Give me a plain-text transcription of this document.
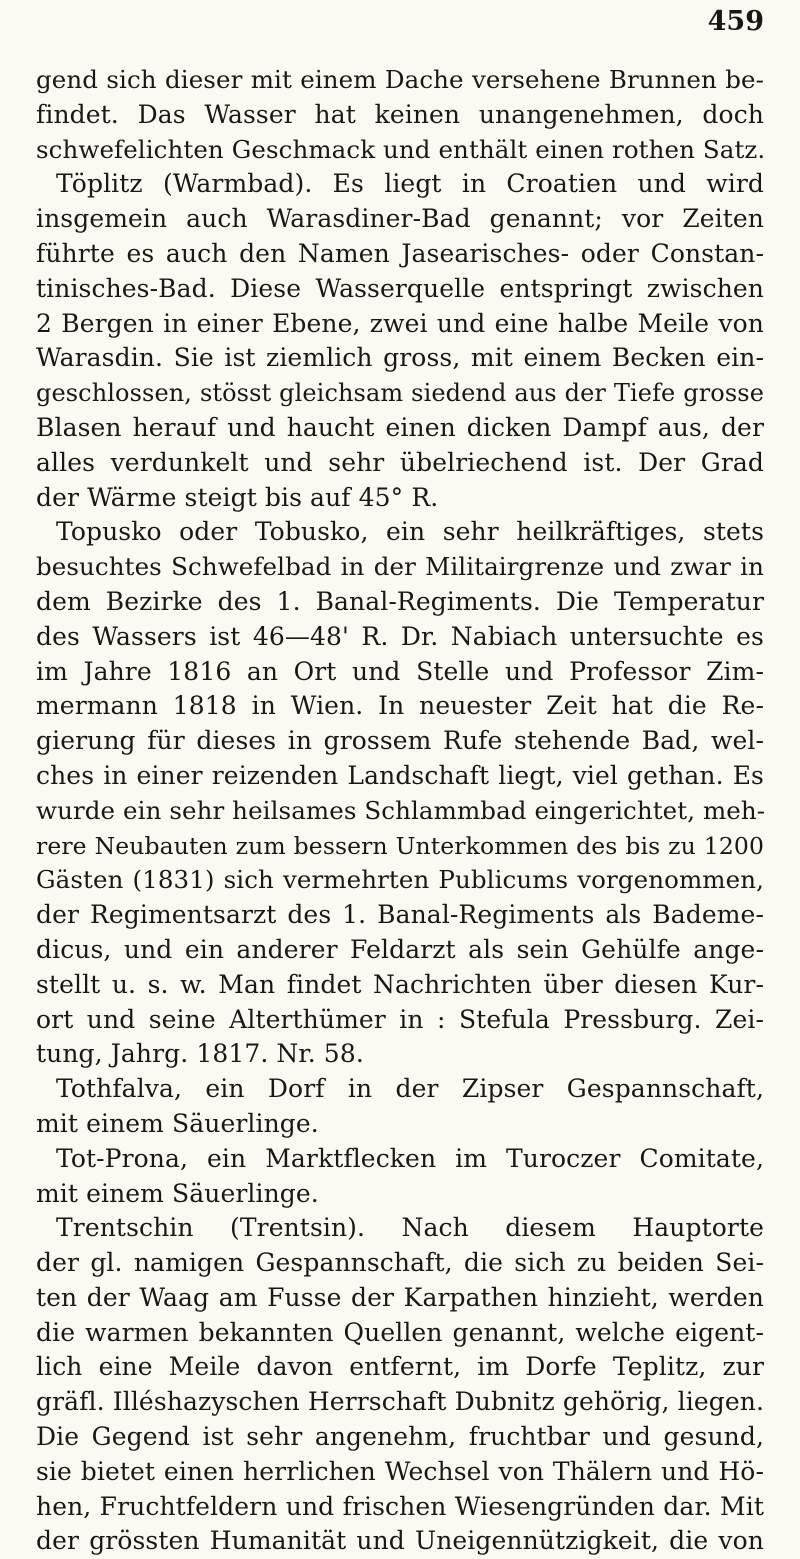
459
gend sich dieser mit einem Dache versehene Brunnen be-
findet. Das Wasser hat keinen unangenehmen, doch
schwefelichten Geschmack und enthält einen rothen Satz.
Töplitz (Warmbad). Es liegt in Croatien und wird
insgemein auch Warasdiner-Bad genannt; vor Zeiten
führte es auch den Namen Jasearisches- oder Constan-
tinisches-Bad. Diese Wasserquelle entspringt zwischen
2 Bergen in einer Ebene, zwei und eine halbe Meile von
Warasdin. Sie ist ziemlich gross, mit einem Becken ein-
geschlossen, stösst gleichsam siedend aus der Tiefe grosse
Blasen herauf und haucht einen dicken Dampf aus, der
alles verdunkelt und sehr übelriechend ist. Der Grad
der Wärme steigt bis auf 45° R.
Topusko oder Tobusko, ein sehr heilkräftiges, stets
besuchtes Schwefelbad in der Militairgrenze und zwar in
dem Bezirke des 1. Banal-Regiments. Die Temperatur
des Wassers ist 46—48' R. Dr. Nabiach untersuchte es
im Jahre 1816 an Ort und Stelle und Professor Zim-
mermann 1818 in Wien. In neuester Zeit hat die Re-
gierung für dieses in grossem Rufe stehende Bad, wel-
ches in einer reizenden Landschaft liegt, viel gethan. Es
wurde ein sehr heilsames Schlammbad eingerichtet, meh-
rere Neubauten zum bessern Unterkommen des bis zu 1200
Gästen (1831) sich vermehrten Publicums vorgenommen,
der Regimentsarzt des 1. Banal-Regiments als Bademe-
dicus, und ein anderer Feldarzt als sein Gehülfe ange-
stellt u. s. w. Man findet Nachrichten über diesen Kur-
ort und seine Alterthümer in : Stefula Pressburg. Zei-
tung, Jahrg. 1817. Nr. 58.
Tothfalva, ein Dorf in der Zipser Gespannschaft,
mit einem Säuerlinge.
Tot-Prona, ein Marktflecken im Turoczer Comitate,
mit einem Säuerlinge.
Trentschin (Trentsin). Nach diesem Hauptorte
der gl. namigen Gespannschaft, die sich zu beiden Sei-
ten der Waag am Fusse der Karpathen hinzieht, werden
die warmen bekannten Quellen genannt, welche eigent-
lich eine Meile davon entfernt, im Dorfe Teplitz, zur
gräfl. Illéshazyschen Herrschaft Dubnitz gehörig, liegen.
Die Gegend ist sehr angenehm, fruchtbar und gesund,
sie bietet einen herrlichen Wechsel von Thälern und Hö-
hen, Fruchtfeldern und frischen Wiesengründen dar. Mit
der grössten Humanität und Uneigennützigkeit, die von
